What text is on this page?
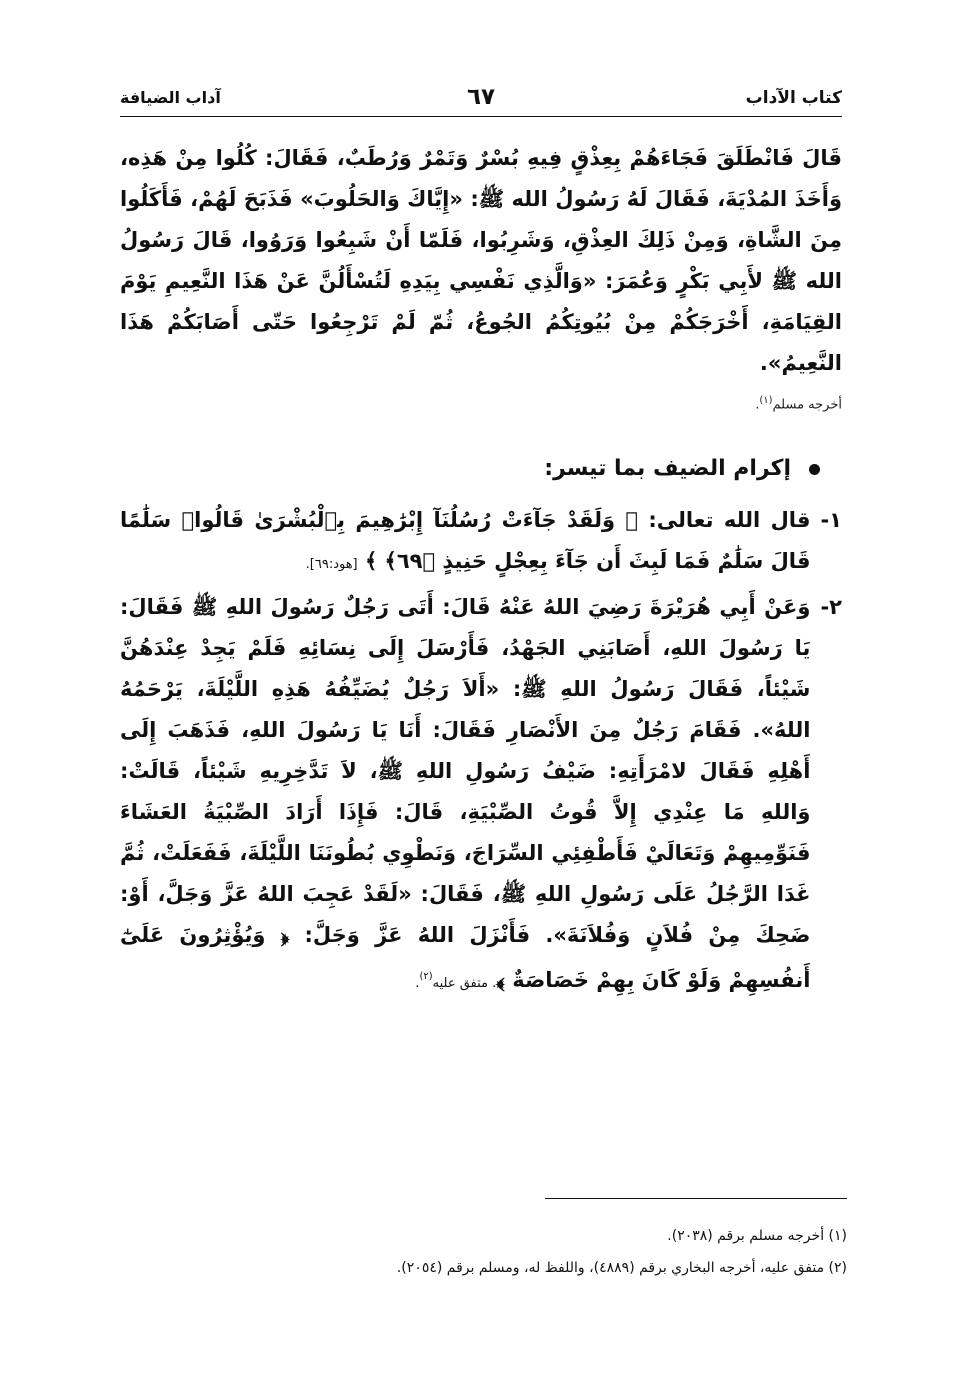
كتاب الآداب
٦٧
آداب الضيافة

قَالَ فَانْطَلَقَ فَجَاءَهُمْ بِعِذْقٍ فِيهِ بُسْرٌ وَتَمْرٌ وَرُطَبٌ، فَقَالَ: كُلُوا مِنْ هَذِه، وَأَخَذَ المُدْيَةَ، فَقَالَ لَهُ رَسُولُ الله ﷺ: «إِيَّاكَ وَالحَلُوبَ» فَذَبَحَ لَهُمْ، فَأَكَلُوا مِنَ الشَّاةِ، وَمِنْ ذَلِكَ العِذْقِ، وَشَرِبُوا، فَلَمّا أَنْ شَبِعُوا وَرَوُوا، قَالَ رَسُولُ الله ﷺ لأَبِي بَكْرٍ وَعُمَرَ: «وَالَّذِي نَفْسِي بِيَدِهِ لَتُسْأَلُنَّ عَنْ هَذَا النَّعِيمِ يَوْمَ القِيَامَةِ، أَخْرَجَكُمْ مِنْ بُيُوتِكُمُ الجُوعُ، ثُمّ لَمْ تَرْجِعُوا حَتّى أَصَابَكُمْ هَذَا النَّعِيمُ».

أخرجه مسلم$^{(١)}$.

إكرام الضيف بما تيسر:
١-
قال الله تعالى: ﴿ وَلَقَدْ جَآءَتْ رُسُلُنَآ إِبْرَٰهِيمَ بِٱلْبُشْرَىٰ قَالُوا۟ سَلَٰمًا قَالَ سَلَٰمٌ فَمَا لَبِثَ أَن جَآءَ بِعِجْلٍ حَنِيذٍ ﴿٦٩﴾ ﴾ [هود:٦٩].
٢-
وَعَنْ أَبِي هُرَيْرَةَ رَضِيَ اللهُ عَنْهُ قَالَ: أَتَى رَجُلٌ رَسُولَ اللهِ ﷺ فَقَالَ: يَا رَسُولَ اللهِ، أَصَابَنِي الجَهْدُ، فَأَرْسَلَ إِلَى نِسَائِهِ فَلَمْ يَجِدْ عِنْدَهُنَّ شَيْئاً، فَقَالَ رَسُولُ اللهِ ﷺ: «أَلاَ رَجُلٌ يُضَيِّفُهُ هَذِهِ اللَّيْلَةَ، يَرْحَمُهُ اللهُ». فَقَامَ رَجُلٌ مِنَ الأَنْصَارِ فَقَالَ: أَنَا يَا رَسُولَ اللهِ، فَذَهَبَ إِلَى أَهْلِهِ فَقَالَ لامْرَأَتِهِ: ضَيْفُ رَسُولِ اللهِ ﷺ، لاَ تَدَّخِرِيهِ شَيْئاً، قَالَتْ: وَاللهِ مَا عِنْدِي إِلاَّ قُوتُ الصِّبْيَةِ، قَالَ: فَإِذَا أَرَادَ الصِّبْيَةُ العَشَاءَ فَنَوِّمِيهِمْ وَتَعَالَيْ فَأَطْفِئِي السِّرَاجَ، وَنَطْوِي بُطُونَنَا اللَّيْلَةَ، فَفَعَلَتْ، ثُمَّ غَدَا الرَّجُلُ عَلَى رَسُولِ اللهِ ﷺ، فَقَالَ: «لَقَدْ عَجِبَ اللهُ عَزَّ وَجَلَّ، أَوْ: ضَحِكَ مِنْ فُلاَنٍ وَفُلاَنَةَ». فَأَنْزَلَ اللهُ عَزَّ وَجَلَّ: ﴿ وَيُؤْثِرُونَ عَلَىٰٓ أَنفُسِهِمْ وَلَوْ كَانَ بِهِمْ خَصَاصَةٌ ﴾. متفق عليه$^{(٢)}$.
(١) أخرجه مسلم برقم (٢٠٣٨).
(٢) متفق عليه، أخرجه البخاري برقم (٤٨٨٩)، واللفظ له، ومسلم برقم (٢٠٥٤).
